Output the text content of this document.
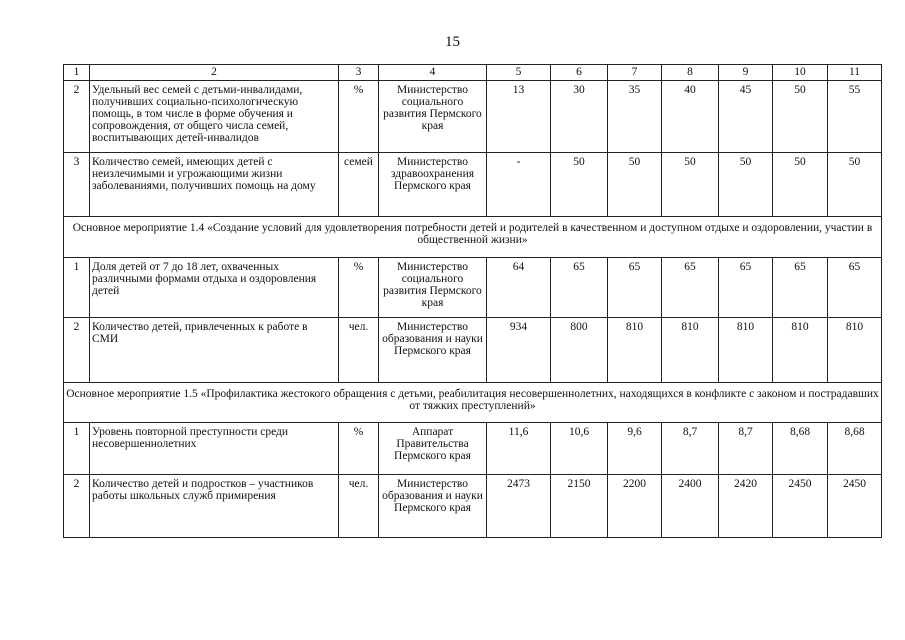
15
1	2	3	4	5	6	7	8	9	10	11
2	Удельный вес семей с детьми-инвалидами, получивших социально-психологическую помощь, в том числе в форме обучения и сопровождения, от общего числа семей, воспитывающих детей-инвалидов	%	Министерство социального развития Пермского края	13	30	35	40	45	50	55
3	Количество семей, имеющих детей с неизлечимыми и угрожающими жизни заболеваниями, получивших помощь на дому	семей	Министерство здравоохранения Пермского края	-	50	50	50	50	50	50
Основное мероприятие 1.4 «Создание условий для удовлетворения потребности детей и родителей в качественном и доступном отдыхе и оздоровлении, участии в общественной жизни»										
1	Доля детей от 7 до 18 лет, охваченных различными формами отдыха и оздоровления детей	%	Министерство социального развития Пермского края	64	65	65	65	65	65	65
2	Количество детей, привлеченных к работе в СМИ	чел.	Министерство образования и науки Пермского края	934	800	810	810	810	810	810
Основное мероприятие 1.5 «Профилактика жестокого обращения с детьми, реабилитация несовершеннолетних, находящихся в конфликте с законом и пострадавших от тяжких преступлений»										
1	Уровень повторной преступности среди несовершеннолетних	%	Аппарат Правительства Пермского края	11,6	10,6	9,6	8,7	8,7	8,68	8,68
2	Количество детей и подростков – участников работы школьных служб примирения	чел.	Министерство образования и науки Пермского края	2473	2150	2200	2400	2420	2450	2450
